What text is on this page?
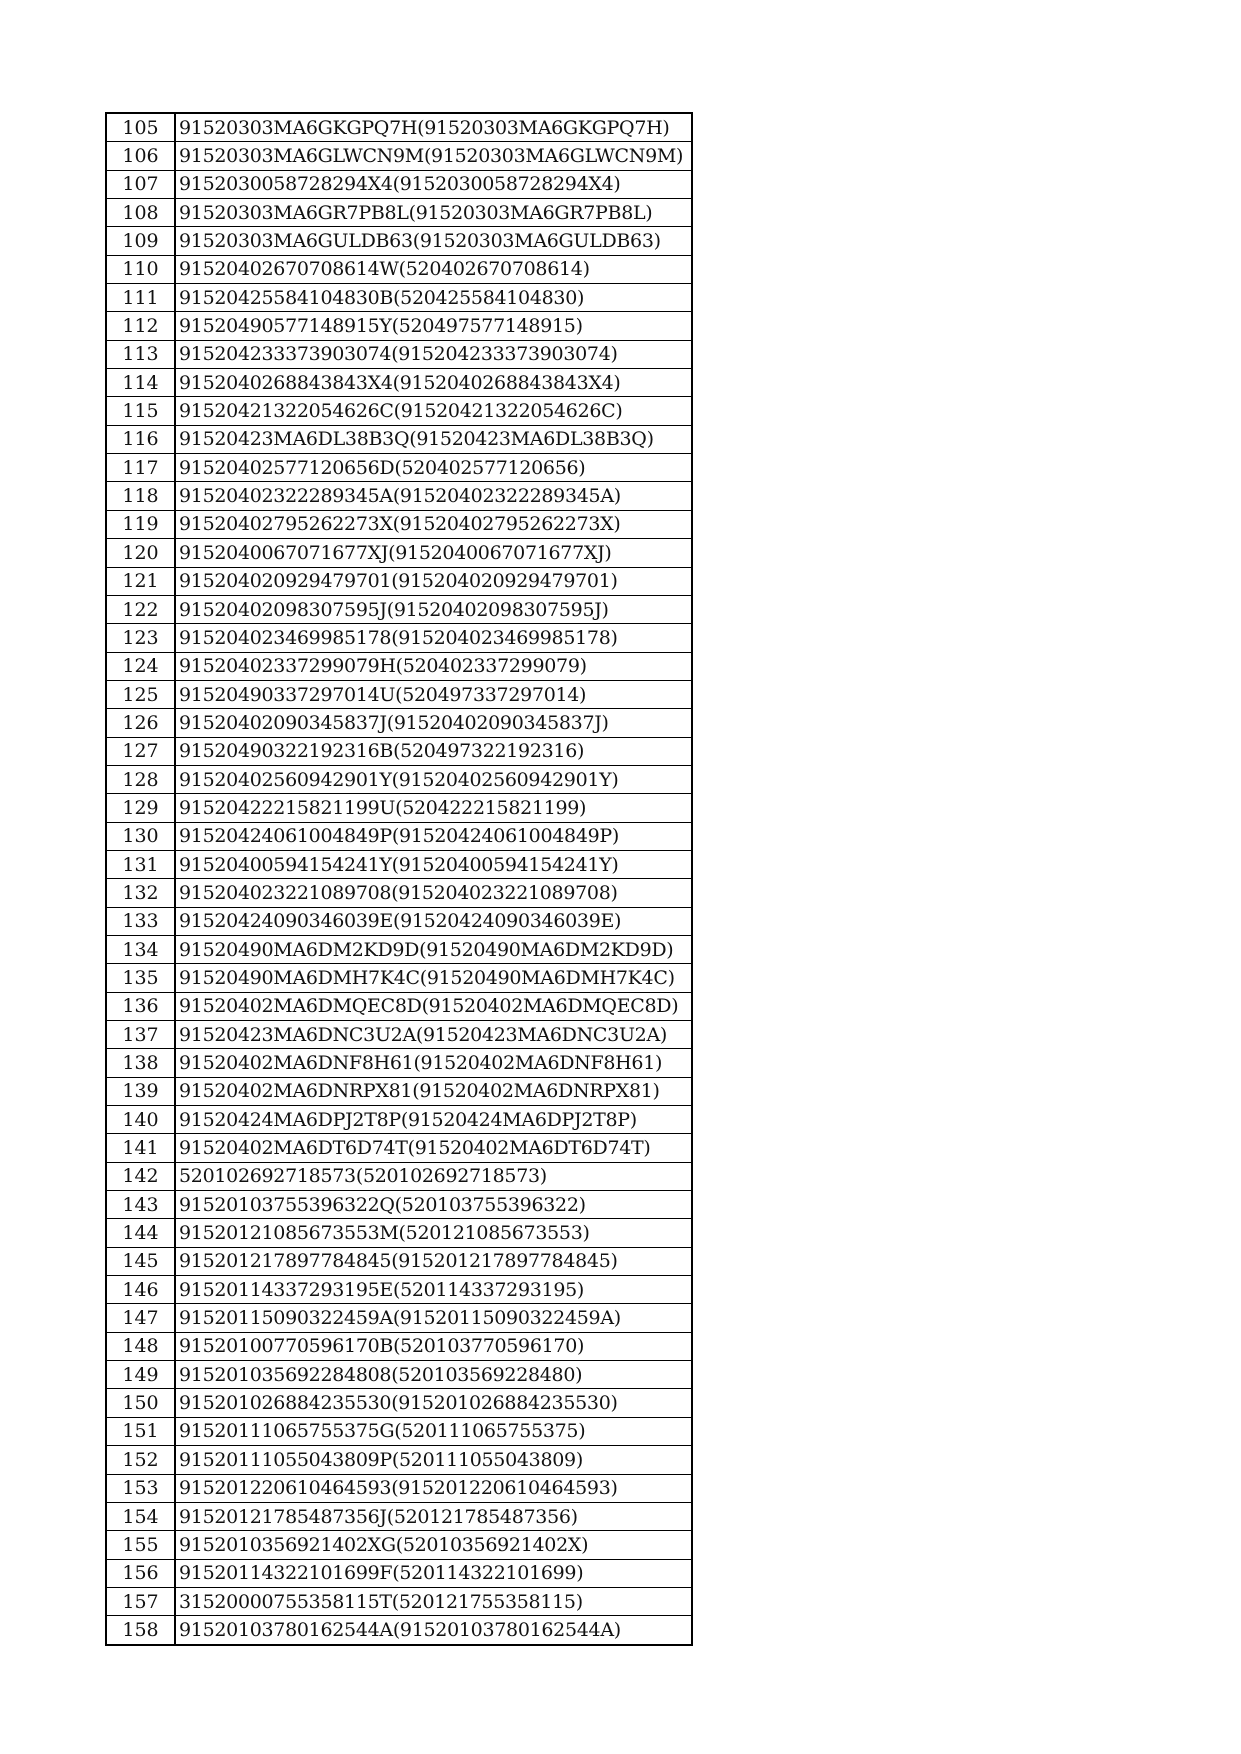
105	91520303MA6GKGPQ7H(91520303MA6GKGPQ7H)
106	91520303MA6GLWCN9M(91520303MA6GLWCN9M)
107	9152030058728294X4(9152030058728294X4)
108	91520303MA6GR7PB8L(91520303MA6GR7PB8L)
109	91520303MA6GULDB63(91520303MA6GULDB63)
110	91520402670708614W(520402670708614)
111	91520425584104830B(520425584104830)
112	91520490577148915Y(520497577148915)
113	915204233373903074(915204233373903074)
114	9152040268843843X4(9152040268843843X4)
115	91520421322054626C(91520421322054626C)
116	91520423MA6DL38B3Q(91520423MA6DL38B3Q)
117	91520402577120656D(520402577120656)
118	91520402322289345A(91520402322289345A)
119	91520402795262273X(91520402795262273X)
120	9152040067071677XJ(9152040067071677XJ)
121	915204020929479701(915204020929479701)
122	91520402098307595J(91520402098307595J)
123	915204023469985178(915204023469985178)
124	91520402337299079H(520402337299079)
125	91520490337297014U(520497337297014)
126	91520402090345837J(91520402090345837J)
127	91520490322192316B(520497322192316)
128	91520402560942901Y(91520402560942901Y)
129	91520422215821199U(520422215821199)
130	91520424061004849P(91520424061004849P)
131	91520400594154241Y(91520400594154241Y)
132	915204023221089708(915204023221089708)
133	91520424090346039E(91520424090346039E)
134	91520490MA6DM2KD9D(91520490MA6DM2KD9D)
135	91520490MA6DMH7K4C(91520490MA6DMH7K4C)
136	91520402MA6DMQEC8D(91520402MA6DMQEC8D)
137	91520423MA6DNC3U2A(91520423MA6DNC3U2A)
138	91520402MA6DNF8H61(91520402MA6DNF8H61)
139	91520402MA6DNRPX81(91520402MA6DNRPX81)
140	91520424MA6DPJ2T8P(91520424MA6DPJ2T8P)
141	91520402MA6DT6D74T(91520402MA6DT6D74T)
142	520102692718573(520102692718573)
143	91520103755396322Q(520103755396322)
144	91520121085673553M(520121085673553)
145	915201217897784845(915201217897784845)
146	91520114337293195E(520114337293195)
147	91520115090322459A(91520115090322459A)
148	91520100770596170B(520103770596170)
149	915201035692284808(520103569228480)
150	915201026884235530(915201026884235530)
151	91520111065755375G(520111065755375)
152	91520111055043809P(520111055043809)
153	915201220610464593(915201220610464593)
154	91520121785487356J(520121785487356)
155	9152010356921402XG(52010356921402X)
156	91520114322101699F(520114322101699)
157	31520000755358115T(520121755358115)
158	91520103780162544A(91520103780162544A)
